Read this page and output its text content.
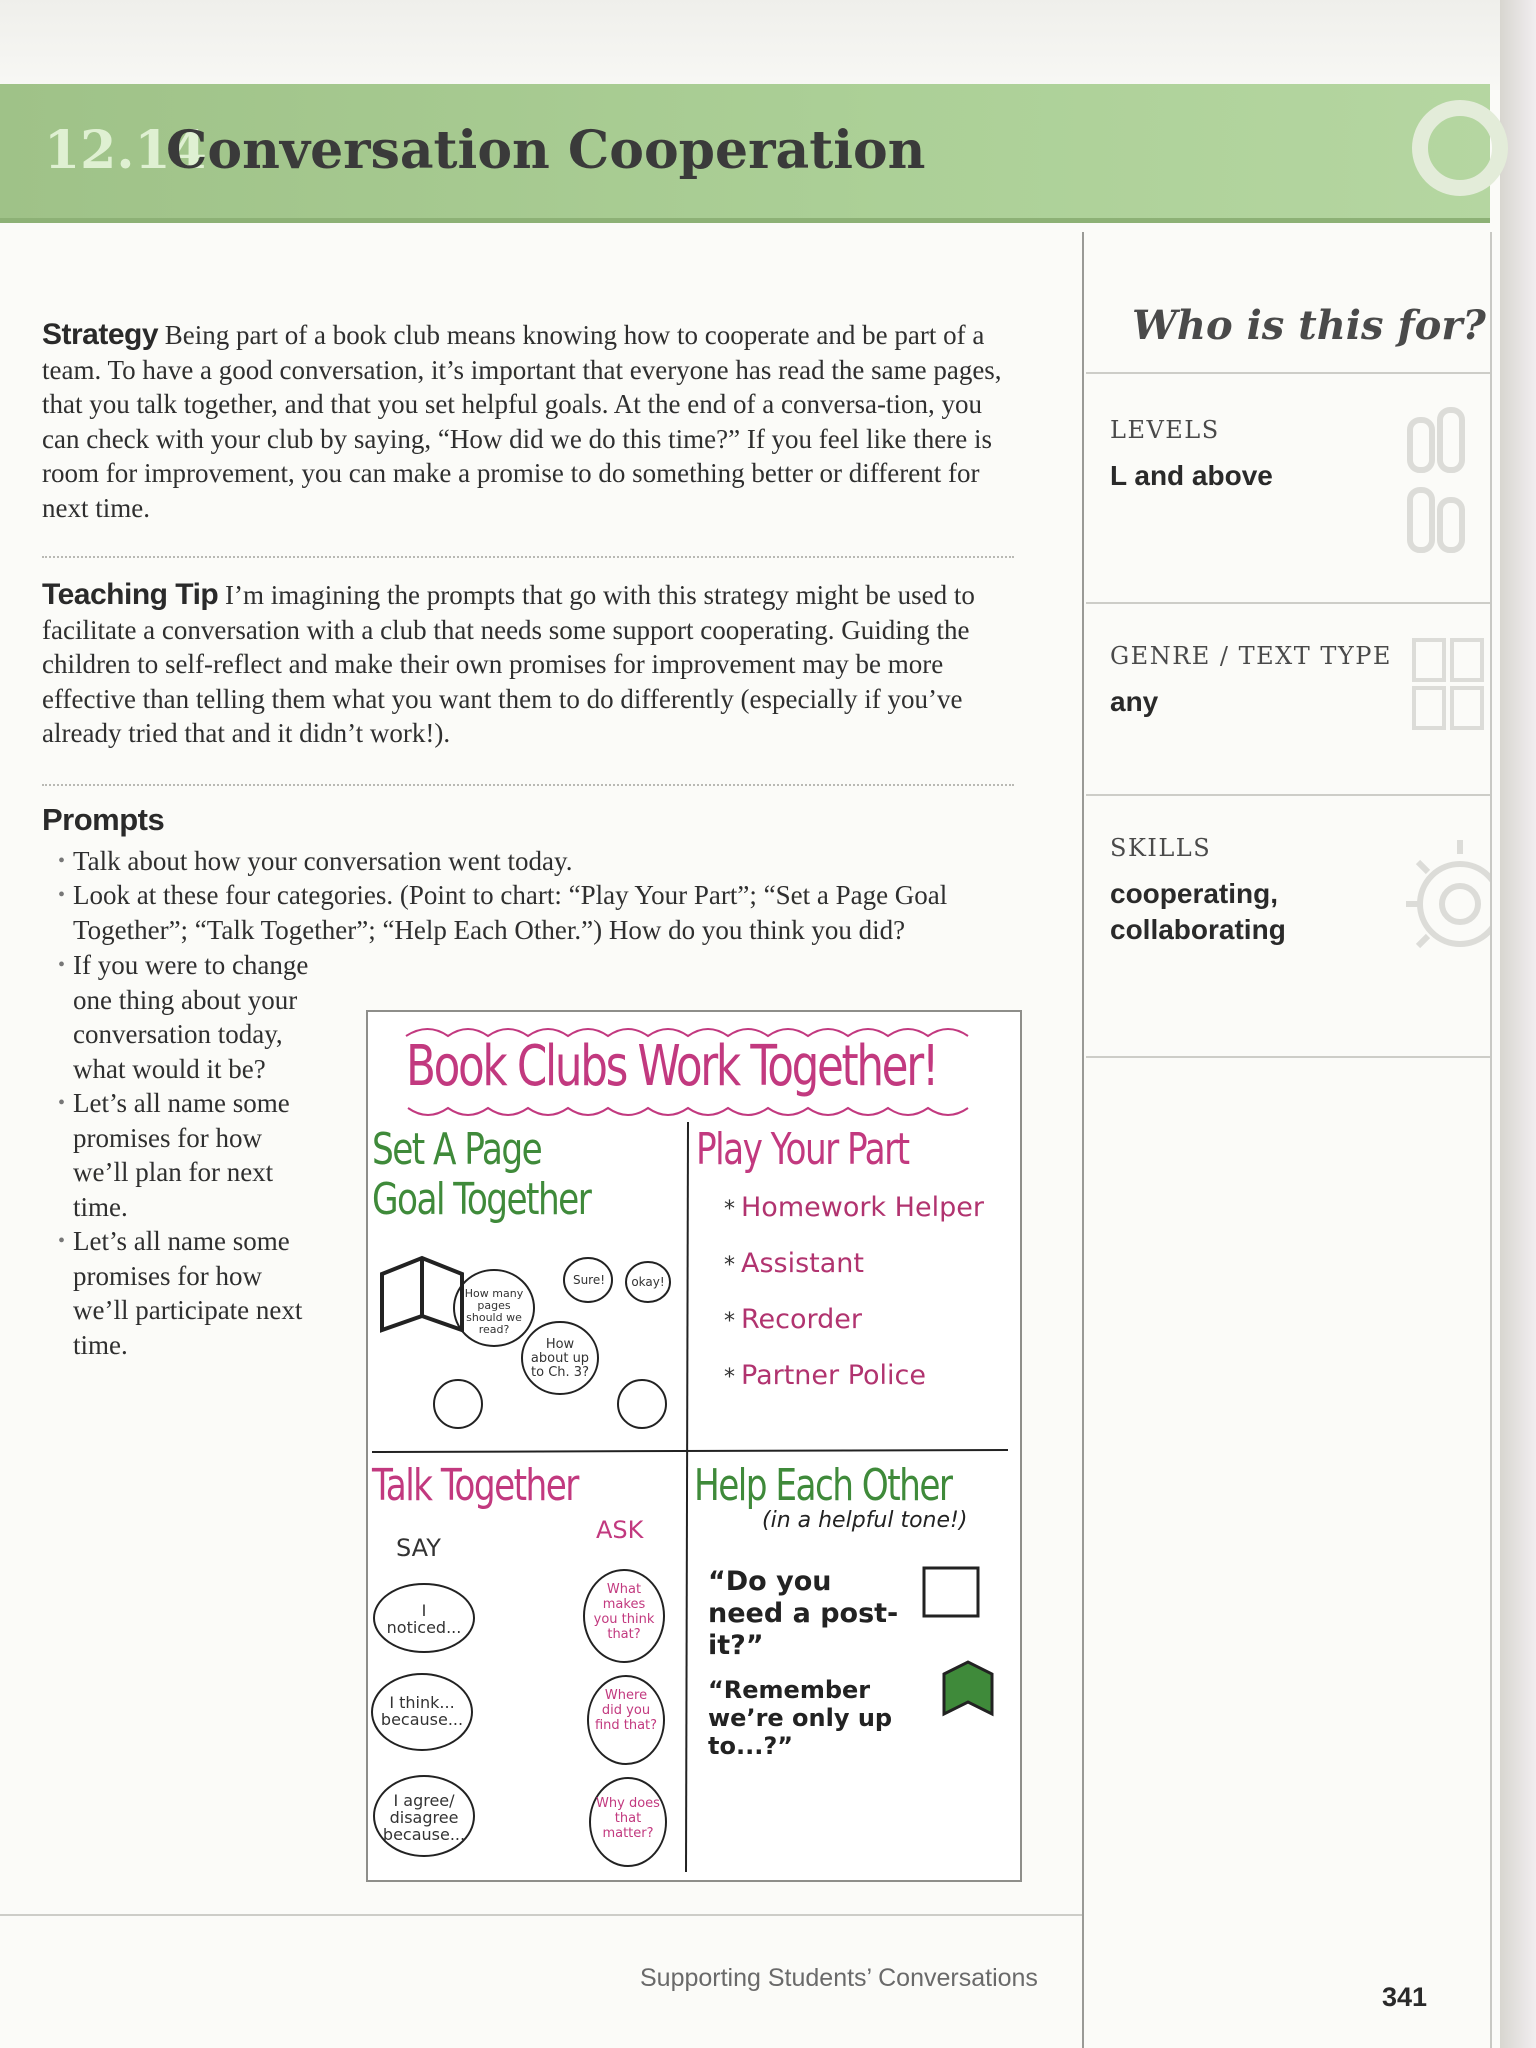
12.14
Conversation Cooperation
Strategy Being part of a book club means knowing how to cooperate and be part of a team. To have a good conversation, it’s important that everyone has read the same pages, that you talk together, and that you set helpful goals. At the end of a conversa-tion, you can check with your club by saying, “How did we do this time?” If you feel like there is room for improvement, you can make a promise to do something better or different for next time.
Teaching Tip I’m imagining the prompts that go with this strategy might be used to facilitate a conversation with a club that needs some support cooperating. Guiding the children to self-reflect and make their own promises for improvement may be more effective than telling them what you want them to do differently (especially if you’ve already tried that and it didn’t work!).
Prompts
• Talk about how your conversation went today.
• Look at these four categories. (Point to chart: “Play Your Part”; “Set a Page Goal Together”; “Talk Together”; “Help Each Other.”) How do you think you did?
• If you were to change one thing about your conversation today, what would it be?
• Let’s all name some promises for how we’ll plan for next time.
• Let’s all name some promises for how we’ll participate next time.
Who is this for?
LEVELS
L and above
GENRE / TEXT TYPE
any
SKILLS
cooperating,
collaborating
Book Clubs Work Together!
Set A Page
Goal Together
How many pages should we read?
Sure! okay!
How about up to Ch. 3?
Play Your Part
* Homework Helper
* Assistant
* Recorder
* Partner Police
Talk Together
SAY
ASK
I noticed...
I think... because...
I agree/ disagree because...
What makes you think that?
Where did you find that?
Why does that matter?
Help Each Other
(in a helpful tone!)
“Do you need a post-it?”
“Remember we’re only up to...?”
Supporting Students’ Conversations
341
